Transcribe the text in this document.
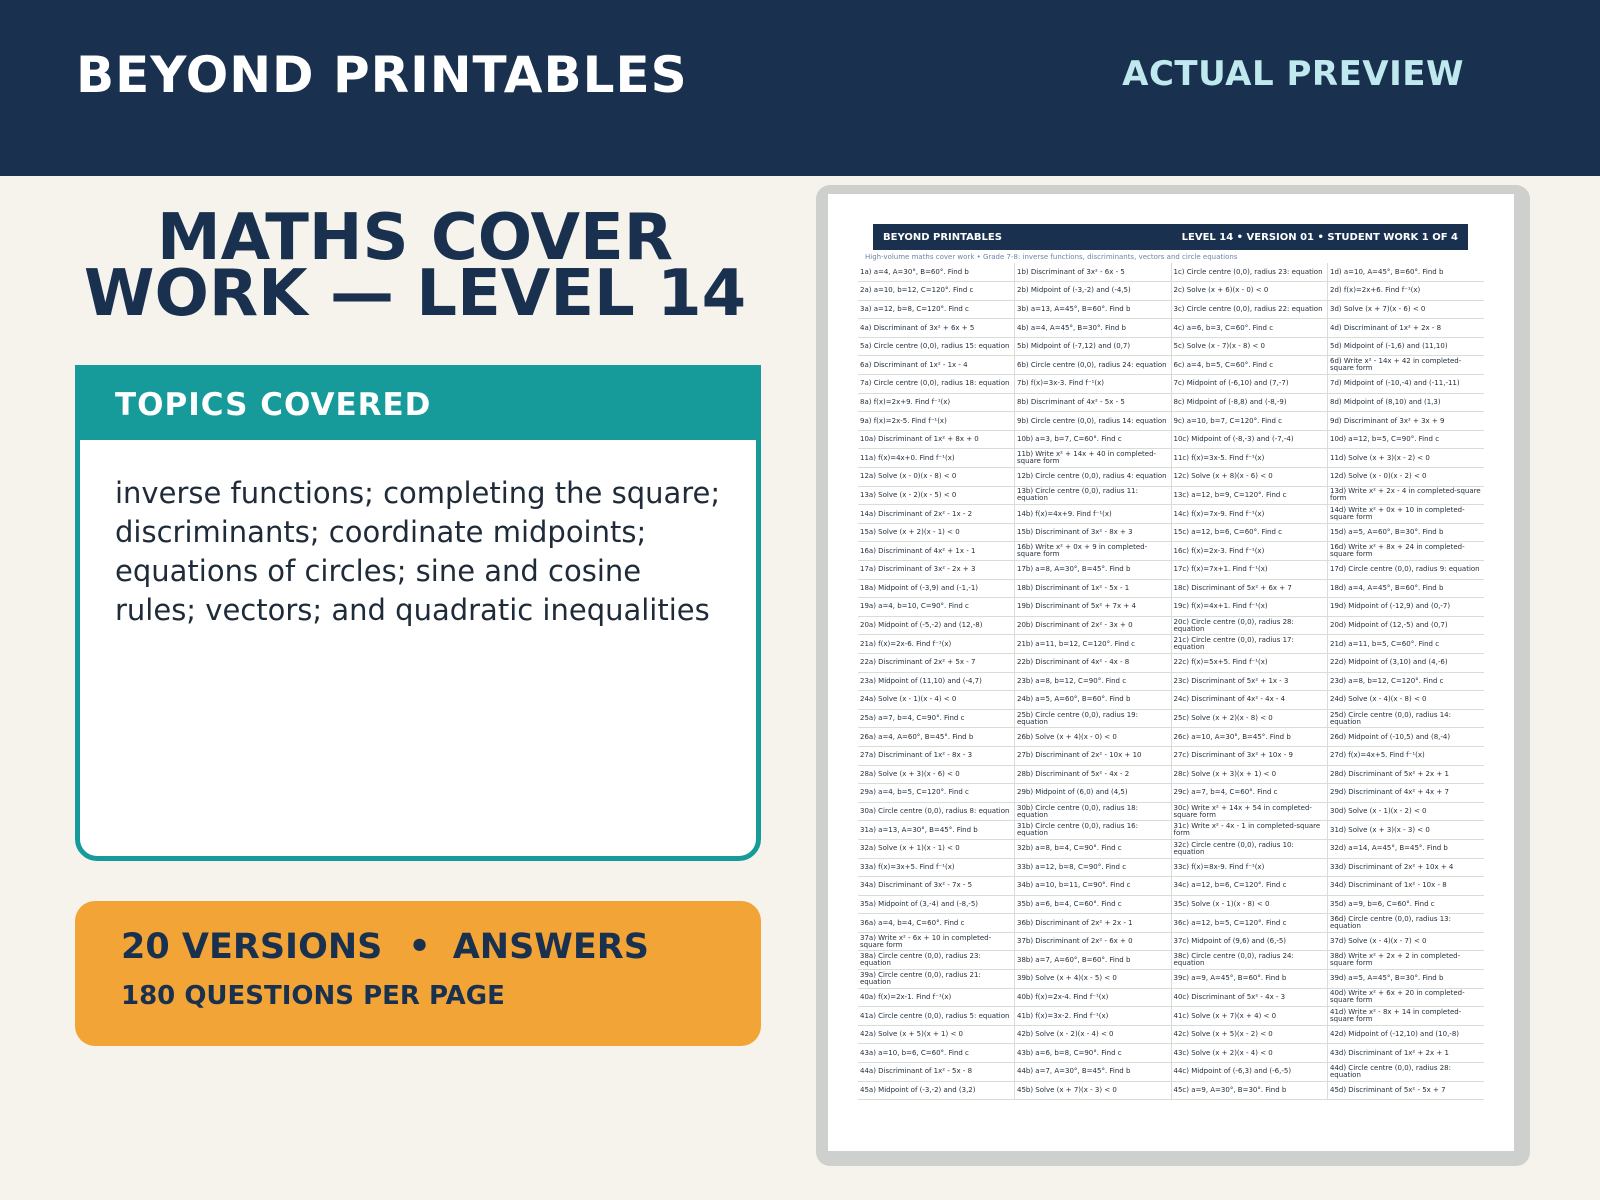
BEYOND PRINTABLES	ACTUAL PREVIEW
MATHS COVER
WORK — LEVEL 14
TOPICS COVERED
inverse functions; completing the square; discriminants; coordinate midpoints; equations of circles; sine and cosine rules; vectors; and quadratic inequalities
20 VERSIONS • ANSWERS
180 QUESTIONS PER PAGE
BEYOND PRINTABLES	LEVEL 14 • VERSION 01 • STUDENT WORK 1 OF 4
High-volume maths cover work • Grade 7-8: inverse functions, discriminants, vectors and circle equations
1a) a=4, A=30°, B=60°. Find b	1b) Discriminant of 3x² - 6x - 5	1c) Circle centre (0,0), radius 23: equation	1d) a=10, A=45°, B=60°. Find b
2a) a=10, b=12, C=120°. Find c	2b) Midpoint of (-3,-2) and (-4,5)	2c) Solve (x + 6)(x - 0) < 0	2d) f(x)=2x+6. Find f⁻¹(x)
3a) a=12, b=8, C=120°. Find c	3b) a=13, A=45°, B=60°. Find b	3c) Circle centre (0,0), radius 22: equation	3d) Solve (x + 7)(x - 6) < 0
4a) Discriminant of 3x² + 6x + 5	4b) a=4, A=45°, B=30°. Find b	4c) a=6, b=3, C=60°. Find c	4d) Discriminant of 1x² + 2x - 8
5a) Circle centre (0,0), radius 15: equation	5b) Midpoint of (-7,12) and (0,7)	5c) Solve (x - 7)(x - 8) < 0	5d) Midpoint of (-1,6) and (11,10)
6a) Discriminant of 1x² - 1x - 4	6b) Circle centre (0,0), radius 24: equation	6c) a=4, b=5, C=60°. Find c	6d) Write x² - 14x + 42 in completed-square form
7a) Circle centre (0,0), radius 18: equation	7b) f(x)=3x-3. Find f⁻¹(x)	7c) Midpoint of (-6,10) and (7,-7)	7d) Midpoint of (-10,-4) and (-11,-11)
8a) f(x)=2x+9. Find f⁻¹(x)	8b) Discriminant of 4x² - 5x - 5	8c) Midpoint of (-8,8) and (-8,-9)	8d) Midpoint of (8,10) and (1,3)
9a) f(x)=2x-5. Find f⁻¹(x)	9b) Circle centre (0,0), radius 14: equation	9c) a=10, b=7, C=120°. Find c	9d) Discriminant of 3x² + 3x + 9
10a) Discriminant of 1x² + 8x + 0	10b) a=3, b=7, C=60°. Find c	10c) Midpoint of (-8,-3) and (-7,-4)	10d) a=12, b=5, C=90°. Find c
11a) f(x)=4x+0. Find f⁻¹(x)	11b) Write x² + 14x + 40 in completed-square form	11c) f(x)=3x-5. Find f⁻¹(x)	11d) Solve (x + 3)(x - 2) < 0
12a) Solve (x - 0)(x - 8) < 0	12b) Circle centre (0,0), radius 4: equation	12c) Solve (x + 8)(x - 6) < 0	12d) Solve (x - 0)(x - 2) < 0
13a) Solve (x - 2)(x - 5) < 0	13b) Circle centre (0,0), radius 11: equation	13c) a=12, b=9, C=120°. Find c	13d) Write x² + 2x - 4 in completed-square form
14a) Discriminant of 2x² - 1x - 2	14b) f(x)=4x+9. Find f⁻¹(x)	14c) f(x)=7x-9. Find f⁻¹(x)	14d) Write x² + 0x + 10 in completed-square form
15a) Solve (x + 2)(x - 1) < 0	15b) Discriminant of 3x² - 8x + 3	15c) a=12, b=6, C=60°. Find c	15d) a=5, A=60°, B=30°. Find b
16a) Discriminant of 4x² + 1x - 1	16b) Write x² + 0x + 9 in completed-square form	16c) f(x)=2x-3. Find f⁻¹(x)	16d) Write x² + 8x + 24 in completed-square form
17a) Discriminant of 3x² - 2x + 3	17b) a=8, A=30°, B=45°. Find b	17c) f(x)=7x+1. Find f⁻¹(x)	17d) Circle centre (0,0), radius 9: equation
18a) Midpoint of (-3,9) and (-1,-1)	18b) Discriminant of 1x² - 5x - 1	18c) Discriminant of 5x² + 6x + 7	18d) a=4, A=45°, B=60°. Find b
19a) a=4, b=10, C=90°. Find c	19b) Discriminant of 5x² + 7x + 4	19c) f(x)=4x+1. Find f⁻¹(x)	19d) Midpoint of (-12,9) and (0,-7)
20a) Midpoint of (-5,-2) and (12,-8)	20b) Discriminant of 2x² - 3x + 0	20c) Circle centre (0,0), radius 28: equation	20d) Midpoint of (12,-5) and (0,7)
21a) f(x)=2x-6. Find f⁻¹(x)	21b) a=11, b=12, C=120°. Find c	21c) Circle centre (0,0), radius 17: equation	21d) a=11, b=5, C=60°. Find c
22a) Discriminant of 2x² + 5x - 7	22b) Discriminant of 4x² - 4x - 8	22c) f(x)=5x+5. Find f⁻¹(x)	22d) Midpoint of (3,10) and (4,-6)
23a) Midpoint of (11,10) and (-4,7)	23b) a=8, b=12, C=90°. Find c	23c) Discriminant of 5x² + 1x - 3	23d) a=8, b=12, C=120°. Find c
24a) Solve (x - 1)(x - 4) < 0	24b) a=5, A=60°, B=60°. Find b	24c) Discriminant of 4x² - 4x - 4	24d) Solve (x - 4)(x - 8) < 0
25a) a=7, b=4, C=90°. Find c	25b) Circle centre (0,0), radius 19: equation	25c) Solve (x + 2)(x - 8) < 0	25d) Circle centre (0,0), radius 14: equation
26a) a=4, A=60°, B=45°. Find b	26b) Solve (x + 4)(x - 0) < 0	26c) a=10, A=30°, B=45°. Find b	26d) Midpoint of (-10,5) and (8,-4)
27a) Discriminant of 1x² - 8x - 3	27b) Discriminant of 2x² - 10x + 10	27c) Discriminant of 3x² + 10x - 9	27d) f(x)=4x+5. Find f⁻¹(x)
28a) Solve (x + 3)(x - 6) < 0	28b) Discriminant of 5x² - 4x - 2	28c) Solve (x + 3)(x + 1) < 0	28d) Discriminant of 5x² + 2x + 1
29a) a=4, b=5, C=120°. Find c	29b) Midpoint of (6,0) and (4,5)	29c) a=7, b=4, C=60°. Find c	29d) Discriminant of 4x² + 4x + 7
30a) Circle centre (0,0), radius 8: equation	30b) Circle centre (0,0), radius 18: equation	30c) Write x² + 14x + 54 in completed-square form	30d) Solve (x - 1)(x - 2) < 0
31a) a=13, A=30°, B=45°. Find b	31b) Circle centre (0,0), radius 16: equation	31c) Write x² - 4x - 1 in completed-square form	31d) Solve (x + 3)(x - 3) < 0
32a) Solve (x + 1)(x - 1) < 0	32b) a=8, b=4, C=90°. Find c	32c) Circle centre (0,0), radius 10: equation	32d) a=14, A=45°, B=45°. Find b
33a) f(x)=3x+5. Find f⁻¹(x)	33b) a=12, b=8, C=90°. Find c	33c) f(x)=8x-9. Find f⁻¹(x)	33d) Discriminant of 2x² + 10x + 4
34a) Discriminant of 3x² - 7x - 5	34b) a=10, b=11, C=90°. Find c	34c) a=12, b=6, C=120°. Find c	34d) Discriminant of 1x² - 10x - 8
35a) Midpoint of (3,-4) and (-8,-5)	35b) a=6, b=4, C=60°. Find c	35c) Solve (x - 1)(x - 8) < 0	35d) a=9, b=6, C=60°. Find c
36a) a=4, b=4, C=60°. Find c	36b) Discriminant of 2x² + 2x - 1	36c) a=12, b=5, C=120°. Find c	36d) Circle centre (0,0), radius 13: equation
37a) Write x² - 6x + 10 in completed-square form	37b) Discriminant of 2x² - 6x + 0	37c) Midpoint of (9,6) and (6,-5)	37d) Solve (x - 4)(x - 7) < 0
38a) Circle centre (0,0), radius 23: equation	38b) a=7, A=60°, B=60°. Find b	38c) Circle centre (0,0), radius 24: equation	38d) Write x² + 2x + 2 in completed-square form
39a) Circle centre (0,0), radius 21: equation	39b) Solve (x + 4)(x - 5) < 0	39c) a=9, A=45°, B=60°. Find b	39d) a=5, A=45°, B=30°. Find b
40a) f(x)=2x-1. Find f⁻¹(x)	40b) f(x)=2x-4. Find f⁻¹(x)	40c) Discriminant of 5x² - 4x - 3	40d) Write x² + 6x + 20 in completed-square form
41a) Circle centre (0,0), radius 5: equation	41b) f(x)=3x-2. Find f⁻¹(x)	41c) Solve (x + 7)(x + 4) < 0	41d) Write x² - 8x + 14 in completed-square form
42a) Solve (x + 5)(x + 1) < 0	42b) Solve (x - 2)(x - 4) < 0	42c) Solve (x + 5)(x - 2) < 0	42d) Midpoint of (-12,10) and (10,-8)
43a) a=10, b=6, C=60°. Find c	43b) a=6, b=8, C=90°. Find c	43c) Solve (x + 2)(x - 4) < 0	43d) Discriminant of 1x² + 2x + 1
44a) Discriminant of 1x² - 5x - 8	44b) a=7, A=30°, B=45°. Find b	44c) Midpoint of (-6,3) and (-6,-5)	44d) Circle centre (0,0), radius 28: equation
45a) Midpoint of (-3,-2) and (3,2)	45b) Solve (x + 7)(x - 3) < 0	45c) a=9, A=30°, B=30°. Find b	45d) Discriminant of 5x² - 5x + 7
